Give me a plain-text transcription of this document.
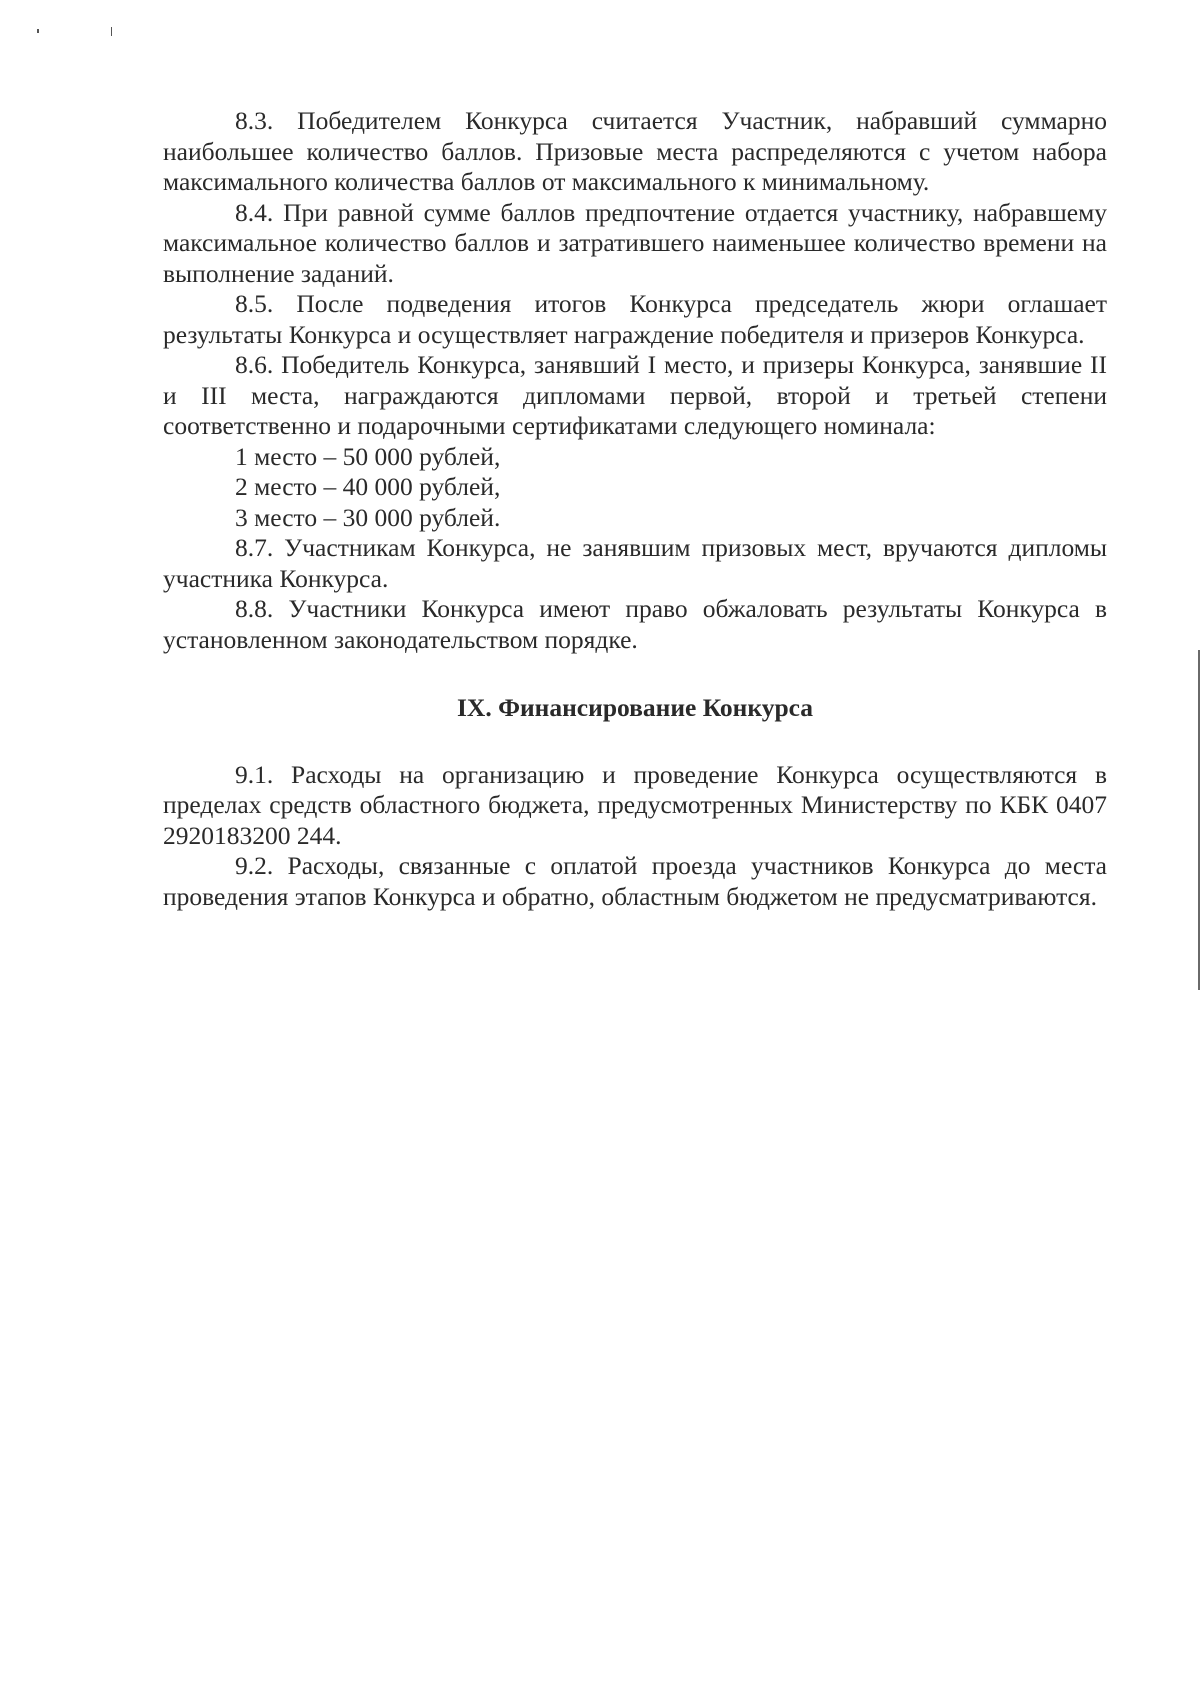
8.3. Победителем Конкурса считается Участник, набравший суммарно наибольшее количество баллов. Призовые места распределяются с учетом набора максимального количества баллов от максимального к минимальному.

8.4. При равной сумме баллов предпочтение отдается участнику, набравшему максимальное количество баллов и затратившего наименьшее количество времени на выполнение заданий.

8.5. После подведения итогов Конкурса председатель жюри оглашает результаты Конкурса и осуществляет награждение победителя и призеров Конкурса.

8.6. Победитель Конкурса, занявший I место, и призеры Конкурса, занявшие II и III места, награждаются дипломами первой, второй и третьей степени соответственно и подарочными сертификатами следующего номинала:

1 место – 50 000 рублей,

2 место – 40 000 рублей,

3 место – 30 000 рублей.

8.7. Участникам Конкурса, не занявшим призовых мест, вручаются дипломы участника Конкурса.

8.8. Участники Конкурса имеют право обжаловать результаты Конкурса в установленном законодательством порядке.

IX. Финансирование Конкурса

9.1. Расходы на организацию и проведение Конкурса осуществляются в пределах средств областного бюджета, предусмотренных Министерству по КБК 0407 2920183200 244.

9.2. Расходы, связанные с оплатой проезда участников Конкурса до места проведения этапов Конкурса и обратно, областным бюджетом не предусматриваются.
